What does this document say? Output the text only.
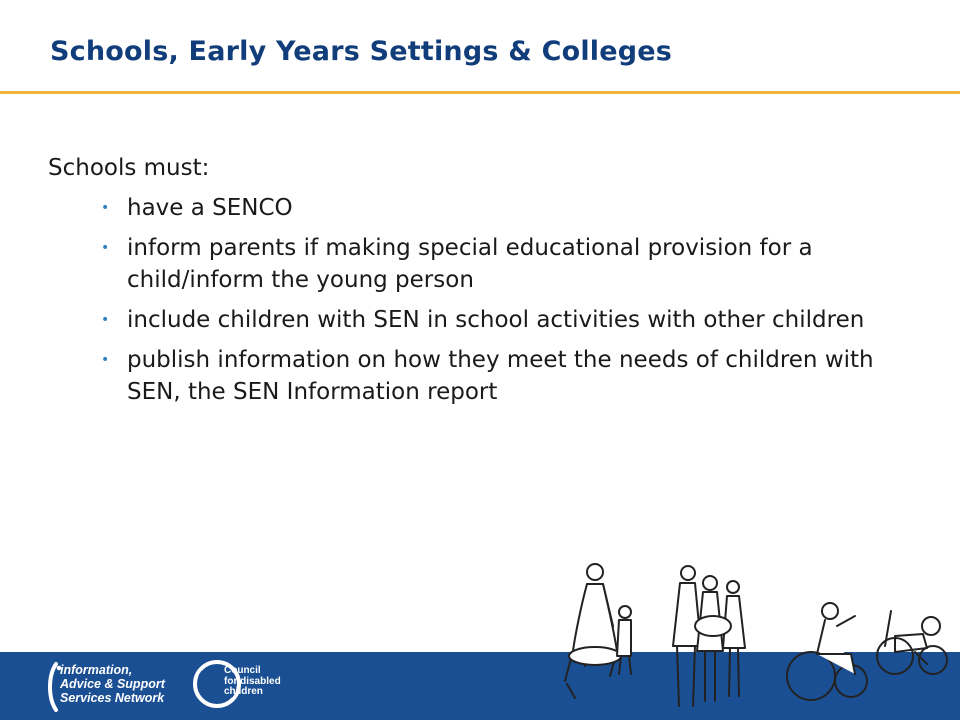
Schools, Early Years Settings & Colleges

Schools must:

• have a SENCO
• inform parents if making special educational provision for a child/inform the young person
• include children with SEN in school activities with other children
• publish information on how they meet the needs of children with SEN, the SEN Information report
information,
Advice & Support
Services Network
Council
for disabled
children
